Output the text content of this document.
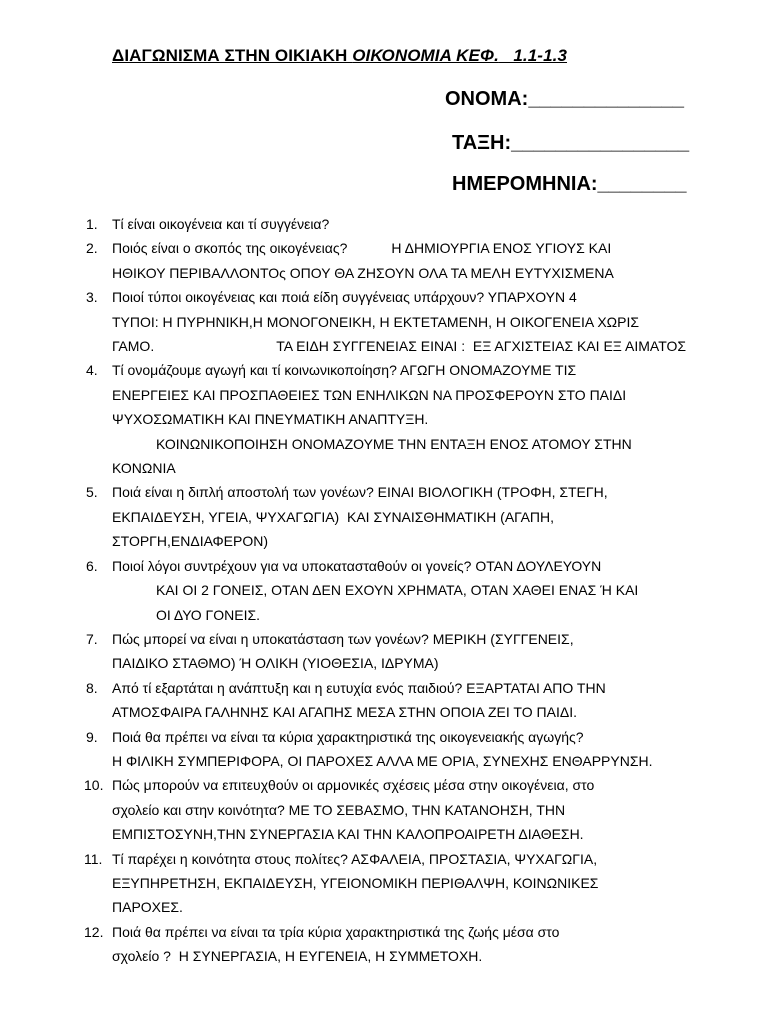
ΔΙΑΓΩΝΙΣΜΑ ΣΤΗΝ ΟΙΚΙΑΚΗ ΟΙΚΟΝΟΜΙΑ ΚΕΦ.   1.1-1.3
ΟΝΟΜΑ:______________
ΤΑΞΗ:________________
ΗΜΕΡΟΜΗΝΙΑ:________
1. Τί είναι οικογένεια και τί συγγένεια?
2. Ποιός είναι ο σκοπός της οικογένειας?	Η ΔΗΜΙΟΥΡΓΙΑ ΕΝΟΣ ΥΓΙΟΥΣ ΚΑΙ
ΗΘΙΚΟΥ ΠΕΡΙΒΑΛΛΟΝΤΟς ΟΠΟΥ ΘΑ ΖΗΣΟΥΝ ΟΛΑ ΤΑ ΜΕΛΗ ΕΥΤΥΧΙΣΜΕΝΑ
3. Ποιοί τύποι οικογένειας και ποιά είδη συγγένειας υπάρχουν? ΥΠΑΡΧΟΥΝ 4
ΤΥΠΟΙ: Η ΠΥΡΗΝΙΚΗ,Η ΜΟΝΟΓΟΝΕΙΚΗ, Η ΕΚΤΕΤΑΜΕΝΗ, Η ΟΙΚΟΓΕΝΕΙΑ ΧΩΡΙΣ
ΓΑΜΟ.	ΤΑ ΕΙΔΗ ΣΥΓΓΕΝΕΙΑΣ ΕΙΝΑΙ :  ΕΞ ΑΓΧΙΣΤΕΙΑΣ ΚΑΙ ΕΞ ΑΙΜΑΤΟΣ
4. Τί ονομάζουμε αγωγή και τί κοινωνικοποίηση? ΑΓΩΓΗ ΟΝΟΜΑΖΟΥΜΕ ΤΙΣ
ΕΝΕΡΓΕΙΕΣ ΚΑΙ ΠΡΟΣΠΑΘΕΙΕΣ ΤΩΝ ΕΝΗΛΙΚΩΝ ΝΑ ΠΡΟΣΦΕΡΟΥΝ ΣΤΟ ΠΑΙΔΙ
ΨΥΧΟΣΩΜΑΤΙΚΗ ΚΑΙ ΠΝΕΥΜΑΤΙΚΗ ΑΝΑΠΤΥΞΗ.
ΚΟΙΝΩΝΙΚΟΠΟΙΗΣΗ ΟΝΟΜΑΖΟΥΜΕ ΤΗΝ ΕΝΤΑΞΗ ΕΝΟΣ ΑΤΟΜΟΥ ΣΤΗΝ
ΚΟΝΩΝΙΑ
5. Ποιά είναι η διπλή αποστολή των γονέων? ΕΙΝΑΙ ΒΙΟΛΟΓΙΚΗ (ΤΡΟΦΗ, ΣΤΕΓΗ,
ΕΚΠΑΙΔΕΥΣΗ, ΥΓΕΙΑ, ΨΥΧΑΓΩΓΙΑ)  ΚΑΙ ΣΥΝΑΙΣΘΗΜΑΤΙΚΗ (ΑΓΑΠΗ,
ΣΤΟΡΓΗ,ΕΝΔΙΑΦΕΡΟΝ)
6. Ποιοί λόγοι συντρέχουν για να υποκατασταθούν οι γονείς? ΟΤΑΝ ΔΟΥΛΕΥΟΥΝ
ΚΑΙ ΟΙ 2 ΓΟΝΕΙΣ, ΟΤΑΝ ΔΕΝ ΕΧΟΥΝ ΧΡΗΜΑΤΑ, ΟΤΑΝ ΧΑΘΕΙ ΕΝΑΣ Ή ΚΑΙ
ΟΙ ΔΥΟ ΓΟΝΕΙΣ.
7. Πώς μπορεί να είναι η υποκατάσταση των γονέων? ΜΕΡΙΚΗ (ΣΥΓΓΕΝΕΙΣ,
ΠΑΙΔΙΚΟ ΣΤΑΘΜΟ) Ή ΟΛΙΚΗ (ΥΙΟΘΕΣΙΑ, ΙΔΡΥΜΑ)
8. Από τί εξαρτάται η ανάπτυξη και η ευτυχία ενός παιδιού? ΕΞΑΡΤΑΤΑΙ ΑΠΟ ΤΗΝ
ΑΤΜΟΣΦΑΙΡΑ ΓΑΛΗΝΗΣ ΚΑΙ ΑΓΑΠΗΣ ΜΕΣΑ ΣΤΗΝ ΟΠΟΙΑ ΖΕΙ ΤΟ ΠΑΙΔΙ.
9. Ποιά θα πρέπει να είναι τα κύρια χαρακτηριστικά της οικογενειακής αγωγής?
Η ΦΙΛΙΚΗ ΣΥΜΠΕΡΙΦΟΡΑ, ΟΙ ΠΑΡΟΧΕΣ ΑΛΛΑ ΜΕ ΟΡΙΑ, ΣΥΝΕΧΗΣ ΕΝΘΑΡΡΥΝΣΗ.
10. Πώς μπορούν να επιτευχθούν οι αρμονικές σχέσεις μέσα στην οικογένεια, στο
σχολείο και στην κοινότητα? ΜΕ ΤΟ ΣΕΒΑΣΜΟ, ΤΗΝ ΚΑΤΑΝΟΗΣΗ, ΤΗΝ
ΕΜΠΙΣΤΟΣΥΝΗ,ΤΗΝ ΣΥΝΕΡΓΑΣΙΑ ΚΑΙ ΤΗΝ ΚΑΛΟΠΡΟΑΙΡΕΤΗ ΔΙΑΘΕΣΗ.
11. Τί παρέχει η κοινότητα στους πολίτες? ΑΣΦΑΛΕΙΑ, ΠΡΟΣΤΑΣΙΑ, ΨΥΧΑΓΩΓΙΑ,
ΕΞΥΠΗΡΕΤΗΣΗ, ΕΚΠΑΙΔΕΥΣΗ, ΥΓΕΙΟΝΟΜΙΚΗ ΠΕΡΙΘΑΛΨΗ, ΚΟΙΝΩΝΙΚΕΣ
ΠΑΡΟΧΕΣ.
12. Ποιά θα πρέπει να είναι τα τρία κύρια χαρακτηριστικά της ζωής μέσα στο
σχολείο ?  Η ΣΥΝΕΡΓΑΣΙΑ, Η ΕΥΓΕΝΕΙΑ, Η ΣΥΜΜΕΤΟΧΗ.
